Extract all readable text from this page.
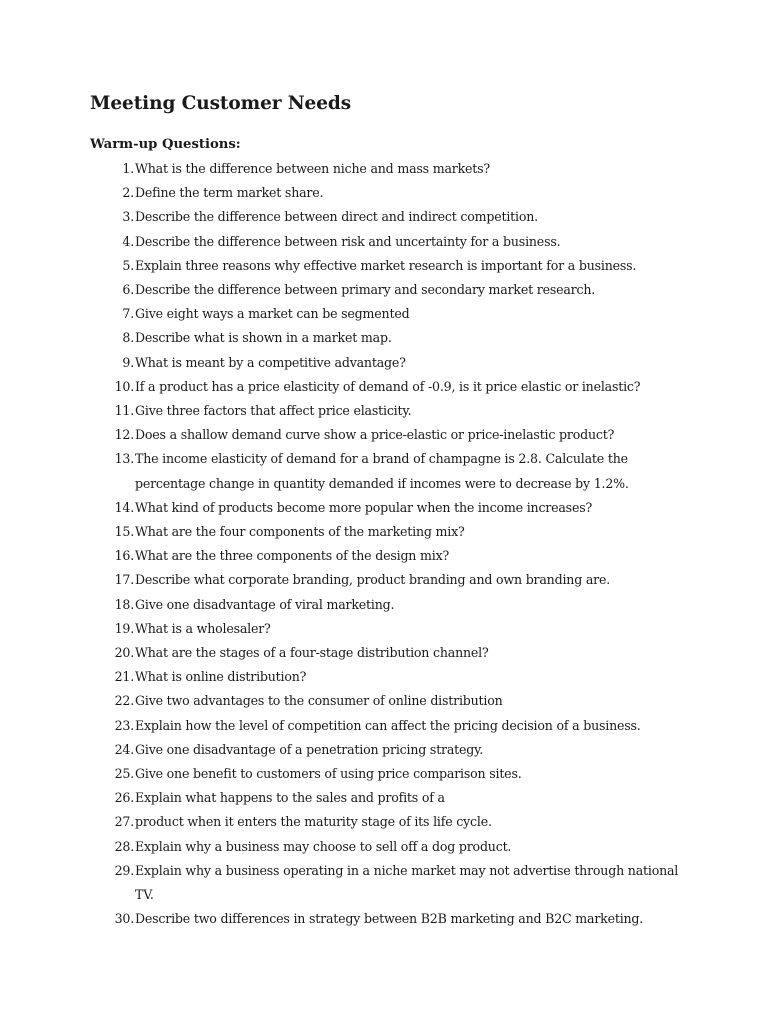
Meeting Customer Needs
Warm-up Questions:
1. What is the difference between niche and mass markets?
2. Define the term market share.
3. Describe the difference between direct and indirect competition.
4. Describe the difference between risk and uncertainty for a business.
5. Explain three reasons why effective market research is important for a business.
6. Describe the difference between primary and secondary market research.
7. Give eight ways a market can be segmented
8. Describe what is shown in a market map.
9. What is meant by a competitive advantage?
10. If a product has a price elasticity of demand of -0.9, is it price elastic or inelastic?
11. Give three factors that affect price elasticity.
12. Does a shallow demand curve show a price-elastic or price-inelastic product?
13. The income elasticity of demand for a brand of champagne is 2.8. Calculate the percentage change in quantity demanded if incomes were to decrease by 1.2%.
14. What kind of products become more popular when the income increases?
15. What are the four components of the marketing mix?
16. What are the three components of the design mix?
17. Describe what corporate branding, product branding and own branding are.
18. Give one disadvantage of viral marketing.
19. What is a wholesaler?
20. What are the stages of a four-stage distribution channel?
21. What is online distribution?
22. Give two advantages to the consumer of online distribution
23. Explain how the level of competition can affect the pricing decision of a business.
24. Give one disadvantage of a penetration pricing strategy.
25. Give one benefit to customers of using price comparison sites.
26. Explain what happens to the sales and profits of a
27. product when it enters the maturity stage of its life cycle.
28. Explain why a business may choose to sell off a dog product.
29. Explain why a business operating in a niche market may not advertise through national TV.
30. Describe two differences in strategy between B2B marketing and B2C marketing.
